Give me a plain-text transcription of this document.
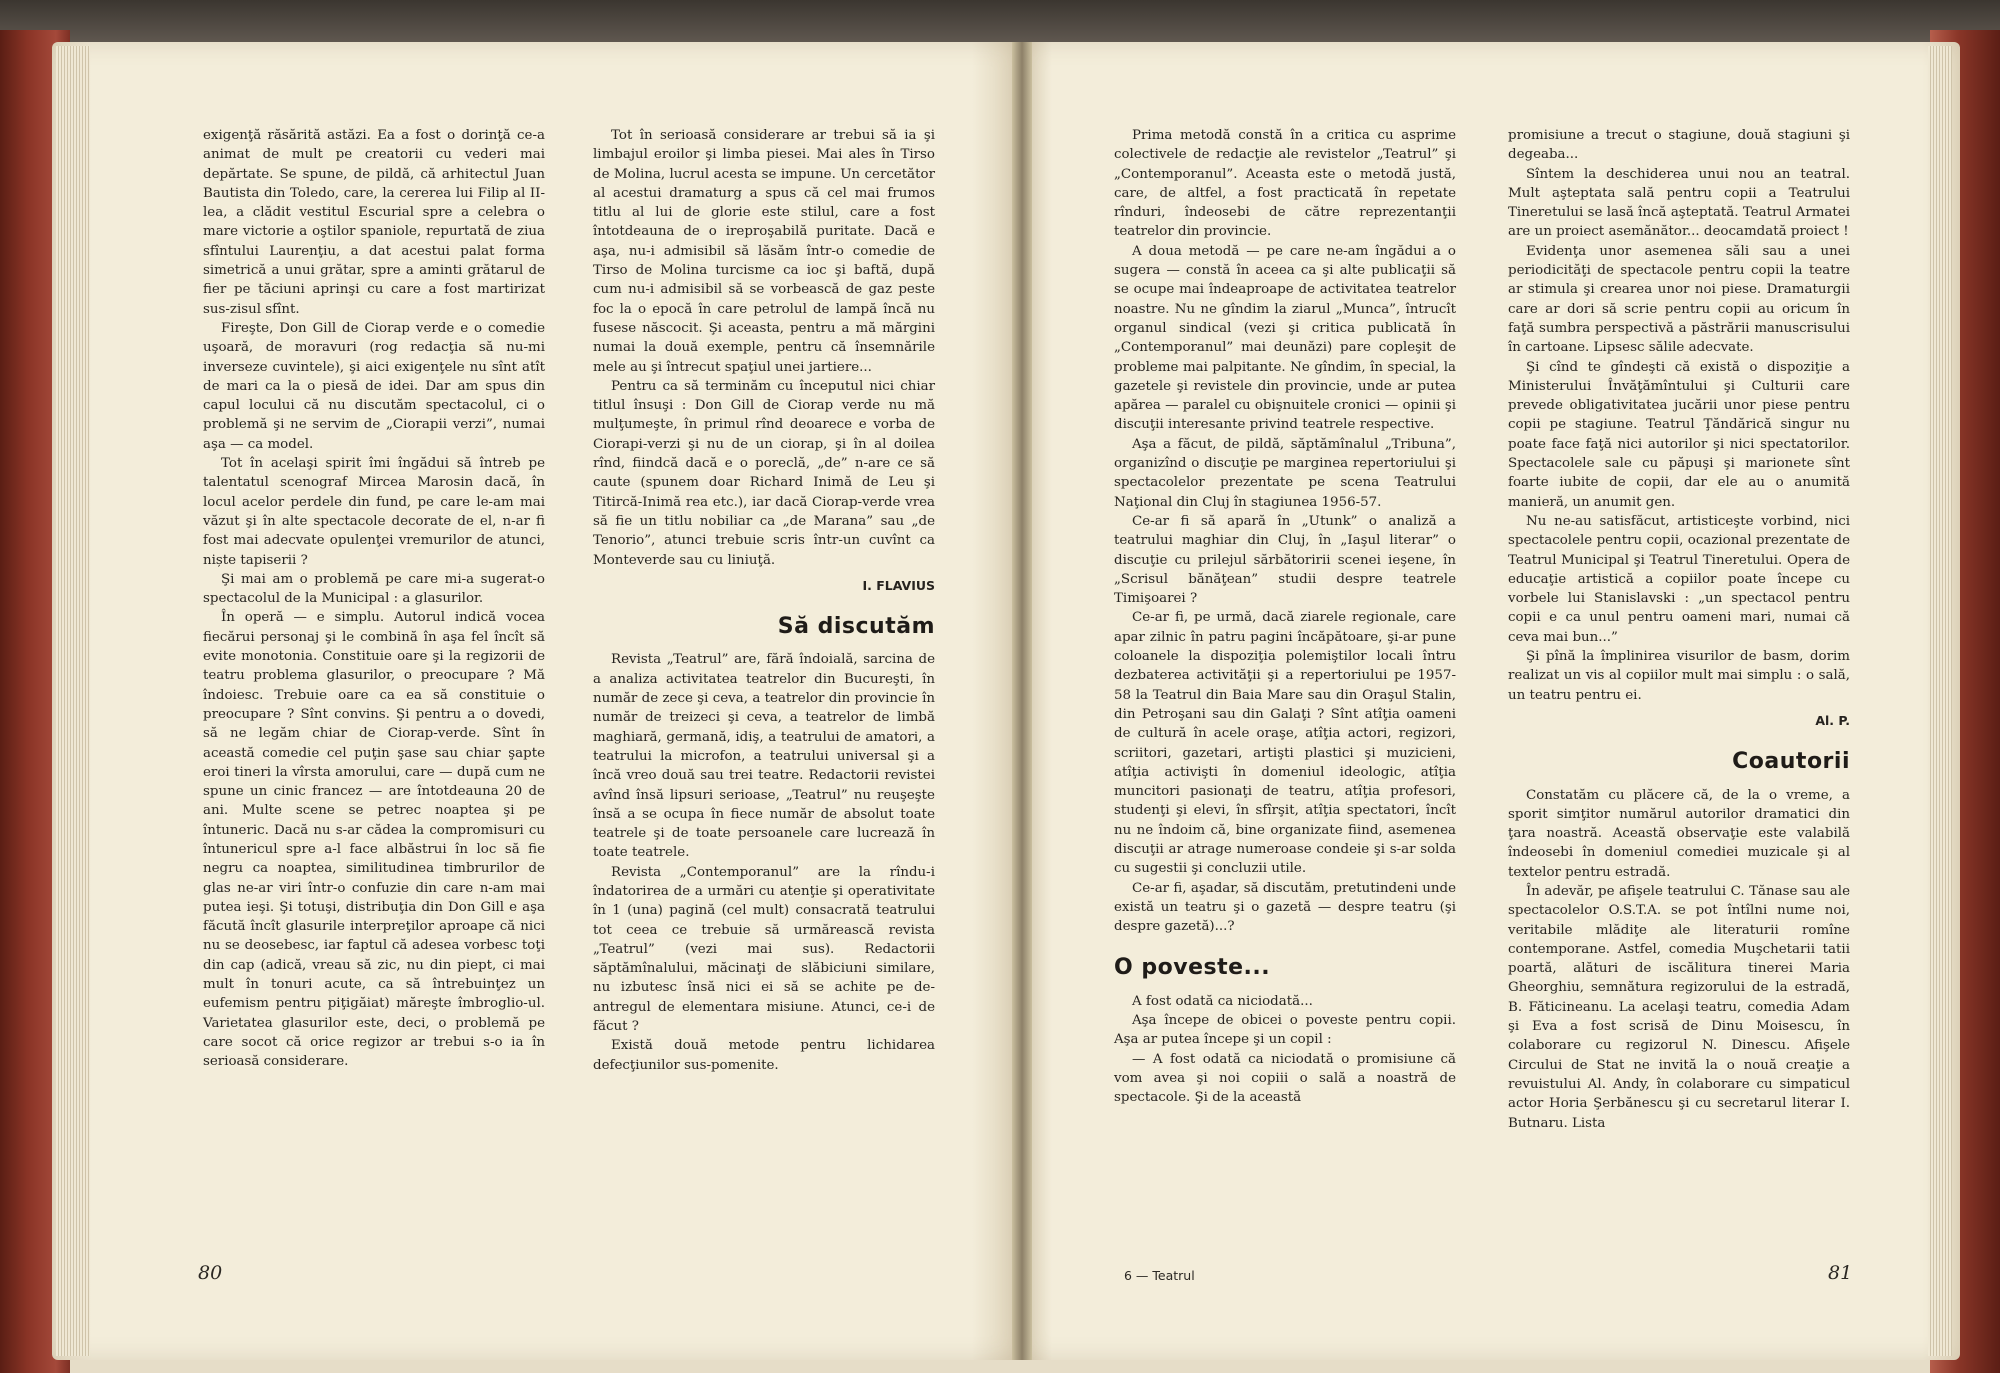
exigenţă răsărită astăzi. Ea a fost o dorinţă ce-a animat de mult pe creatorii cu vederi mai depărtate. Se spune, de pildă, că arhitectul Juan Bautista din Toledo, care, la cererea lui Filip al II-lea, a clădit vestitul Escurial spre a celebra o mare victorie a oştilor spaniole, repurtată de ziua sfîntului Laurenţiu, a dat acestui palat forma simetrică a unui grătar, spre a aminti grătarul de fier pe tăciuni aprinşi cu care a fost martirizat sus-zisul sfînt.

Fireşte, Don Gill de Ciorap verde e o comedie uşoară, de moravuri (rog redacţia să nu-mi inverseze cuvintele), şi aici exigenţele nu sînt atît de mari ca la o piesă de idei. Dar am spus din capul locului că nu discutăm spectacolul, ci o problemă şi ne servim de „Ciorapii verzi”, numai aşa — ca model.

Tot în acelaşi spirit îmi îngădui să întreb pe talentatul scenograf Mircea Marosin dacă, în locul acelor perdele din fund, pe care le-am mai văzut şi în alte spectacole decorate de el, n-ar fi fost mai adecvate opulenţei vremurilor de atunci, niște tapiserii ?

Şi mai am o problemă pe care mi-a sugerat-o spectacolul de la Municipal : a glasurilor.

În operă — e simplu. Autorul indică vocea fiecărui personaj şi le combină în aşa fel încît să evite monotonia. Constituie oare şi la regizorii de teatru problema glasurilor, o preocupare ? Mă îndoiesc. Trebuie oare ca ea să constituie o preocupare ? Sînt convins. Şi pentru a o dovedi, să ne legăm chiar de Ciorap-verde. Sînt în această comedie cel puţin şase sau chiar şapte eroi tineri la vîrsta amorului, care — după cum ne spune un cinic francez — are întotdeauna 20 de ani. Multe scene se petrec noaptea şi pe întuneric. Dacă nu s-ar cădea la compromisuri cu întunericul spre a-l face albăstrui în loc să fie negru ca noaptea, similitudinea timbrurilor de glas ne-ar viri într-o confuzie din care n-am mai putea ieşi. Şi totuşi, distribuţia din Don Gill e aşa făcută încît glasurile interpreţilor aproape că nici nu se deosebesc, iar faptul că adesea vorbesc toţi din cap (adică, vreau să zic, nu din piept, ci mai mult în tonuri acute, ca să întrebuinţez un eufemism pentru piţigăiat) măreşte îmbrogliο-ul. Varietatea glasurilor este, deci, o problemă pe care socot că orice regizor ar trebui s-o ia în serioasă considerare.

Tot în serioasă considerare ar trebui să ia şi limbajul eroilor şi limba piesei. Mai ales în Tirso de Molina, lucrul acesta se impune. Un cercetător al acestui dramaturg a spus că cel mai frumos titlu al lui de glorie este stilul, care a fost întotdeauna de o ireproşabilă puritate. Dacă e aşa, nu-i admisibil să lăsăm într-o comedie de Tirso de Molina turcisme ca ioc şi baftă, după cum nu-i admisibil să se vorbească de gaz peste foc la o epocă în care petrolul de lampă încă nu fusese născocit. Şi aceasta, pentru a mă mărgini numai la două exemple, pentru că însemnările mele au şi întrecut spaţiul unei jartiere...

Pentru ca să terminăm cu începutul nici chiar titlul însuşi : Don Gill de Ciorap verde nu mă mulţumeşte, în primul rînd deoarece e vorba de Ciorapi-verzi şi nu de un ciorap, şi în al doilea rînd, fiindcă dacă e o poreclă, „de” n-are ce să caute (spunem doar Richard Inimă de Leu şi Titircă-Inimă rea etc.), iar dacă Ciorap-verde vrea să fie un titlu nobiliar ca „de Marana” sau „de Tenorio”, atunci trebuie scris într-un cuvînt ca Monteverde sau cu liniuţă.

I. FLAVIUS

Să discutăm

Revista „Teatrul” are, fără îndoială, sarcina de a analiza activitatea teatrelor din Bucureşti, în număr de zece şi ceva, a teatrelor din provincie în număr de treizeci şi ceva, a teatrelor de limbă maghiară, germană, idiş, a teatrului de amatori, a teatrului la microfon, a teatrului universal şi a încă vreo două sau trei teatre. Redactorii revistei avînd însă lipsuri serioase, „Teatrul” nu reuşeşte însă a se ocupa în fiece număr de absolut toate teatrele şi de toate persoanele care lucrează în toate teatrele.

Revista „Contemporanul” are la rîndu-i îndatorirea de a urmări cu atenţie şi operativitate în 1 (una) pagină (cel mult) consacrată teatrului tot ceea ce trebuie să urmărească revista „Teatrul” (vezi mai sus). Redactorii săptămînalului, măcinaţi de slăbiciuni similare, nu izbutesc însă nici ei să se achite pe de-antregul de elementara misiune. Atunci, ce-i de făcut ?

Există două metode pentru lichidarea defecţiunilor sus-pomenite.

Prima metodă constă în a critica cu asprime colectivele de redacţie ale revistelor „Teatrul” şi „Contemporanul”. Aceasta este o metodă justă, care, de altfel, a fost practicată în repetate rînduri, îndeosebi de către reprezentanţii teatrelor din provincie.

A doua metodă — pe care ne-am îngădui a o sugera — constă în aceea ca şi alte publicaţii să se ocupe mai îndeaproape de activitatea teatrelor noastre. Nu ne gîndim la ziarul „Munca”, întrucît organul sindical (vezi şi critica publicată în „Contemporanul” mai deunăzi) pare copleşit de probleme mai palpitante. Ne gîndim, în special, la gazetele şi revistele din provincie, unde ar putea apărea — paralel cu obişnuitele cronici — opinii şi discuţii interesante privind teatrele respective.

Aşa a făcut, de pildă, săptămînalul „Tribuna”, organizînd o discuţie pe marginea repertoriului şi spectacolelor prezentate pe scena Teatrului Naţional din Cluj în stagiunea 1956-57.

Ce-ar fi să apară în „Utunk” o analiză a teatrului maghiar din Cluj, în „Iaşul literar” o discuţie cu prilejul sărbătoririi scenei ieşene, în „Scrisul bănăţean” studii despre teatrele Timişoarei ?

Ce-ar fi, pe urmă, dacă ziarele regionale, care apar zilnic în patru pagini încăpătoare, şi-ar pune coloanele la dispoziţia polemiştilor locali întru dezbaterea activităţii şi a repertoriului pe 1957-58 la Teatrul din Baia Mare sau din Oraşul Stalin, din Petroşani sau din Galaţi ? Sînt atîţia oameni de cultură în acele oraşe, atîţia actori, regizori, scriitori, gazetari, artişti plastici şi muzicieni, atîţia activişti în domeniul ideologic, atîţia muncitori pasionaţi de teatru, atîţia profesori, studenţi şi elevi, în sfîrşit, atîţia spectatori, încît nu ne îndoim că, bine organizate fiind, asemenea discuţii ar atrage numeroase condeie şi s-ar solda cu sugestii şi concluzii utile.

Ce-ar fi, aşadar, să discutăm, pretutindeni unde există un teatru şi o gazetă — despre teatru (şi despre gazetă)...?

O poveste...

A fost odată ca niciodată...

Aşa începe de obicei o poveste pentru copii. Aşa ar putea începe şi un copil :

— A fost odată ca niciodată o promisiune că vom avea şi noi copiii o sală a noastră de spectacole. Şi de la această

promisiune a trecut o stagiune, două stagiuni şi degeaba...

Sîntem la deschiderea unui nou an teatral. Mult aşteptata sală pentru copii a Teatrului Tineretului se lasă încă aşteptată. Teatrul Armatei are un proiect asemănător... deocamdată proiect !

Evidenţa unor asemenea săli sau a unei periodicităţi de spectacole pentru copii la teatre ar stimula şi crearea unor noi piese. Dramaturgii care ar dori să scrie pentru copii au oricum în faţă sumbra perspectivă a păstrării manuscrisului în cartoane. Lipsesc sălile adecvate.

Şi cînd te gîndeşti că există o dispoziţie a Ministerului Învăţămîntului şi Culturii care prevede obligativitatea jucării unor piese pentru copii pe stagiune. Teatrul Ţăndărică singur nu poate face faţă nici autorilor şi nici spectatorilor. Spectacolele sale cu păpuşi şi marionete sînt foarte iubite de copii, dar ele au o anumită manieră, un anumit gen.

Nu ne-au satisfăcut, artisticeşte vorbind, nici spectacolele pentru copii, ocazional prezentate de Teatrul Municipal şi Teatrul Tineretului. Opera de educaţie artistică a copiilor poate începe cu vorbele lui Stanislavski : „un spectacol pentru copii e ca unul pentru oameni mari, numai că ceva mai bun...”

Şi pînă la împlinirea visurilor de basm, dorim realizat un vis al copiilor mult mai simplu : o sală, un teatru pentru ei.

Al. P.

Coautorii

Constatăm cu plăcere că, de la o vreme, a sporit simţitor numărul autorilor dramatici din ţara noastră. Această observaţie este valabilă îndeosebi în domeniul comediei muzicale şi al textelor pentru estradă.

În adevăr, pe afişele teatrului C. Tănase sau ale spectacolelor O.S.T.A. se pot întîlni nume noi, veritabile mlădiţe ale literaturii romîne contemporane. Astfel, comedia Muşchetarii tatii poartă, alături de iscălitura tinerei Maria Gheorghiu, semnătura regizorului de la estradă, B. Făticineanu. La acelaşi teatru, comedia Adam şi Eva a fost scrisă de Dinu Moisescu, în colaborare cu regizorul N. Dinescu. Afişele Circului de Stat ne invită la o nouă creaţie a revuistului Al. Andy, în colaborare cu simpaticul actor Horia Şerbănescu şi cu secretarul literar I. Butnaru. Lista

80	6 — Teatrul	81
